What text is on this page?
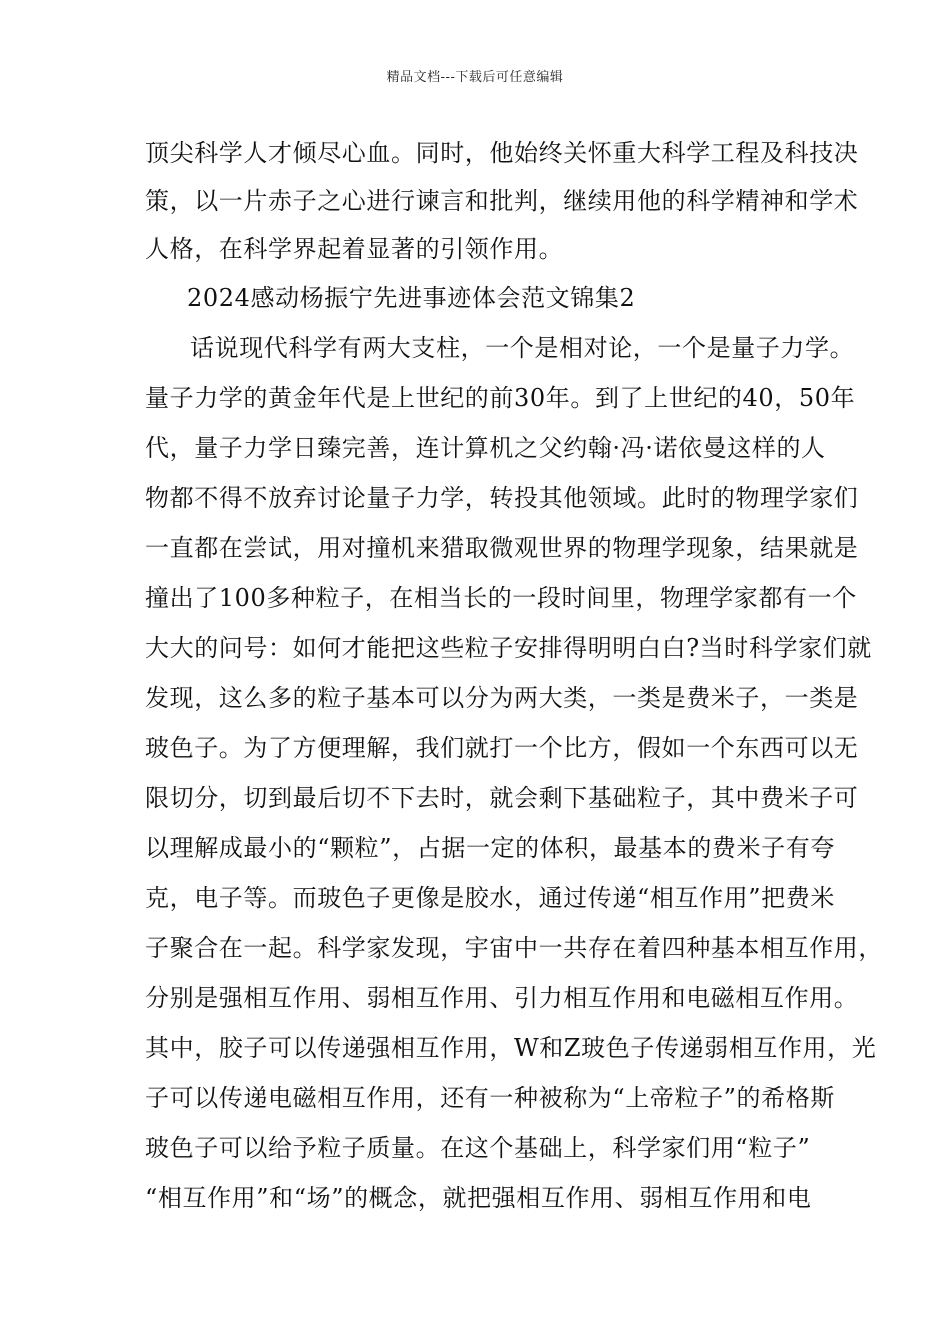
精品文档---下载后可任意编辑
顶尖科学人才倾尽心血。同时，他始终关怀重大科学工程及科技决
策，以一片赤子之心进行谏言和批判，继续用他的科学精神和学术
人格，在科学界起着显著的引领作用。
2024感动杨振宁先进事迹体会范文锦集2
话说现代科学有两大支柱，一个是相对论，一个是量子力学。
量子力学的黄金年代是上世纪的前30年。到了上世纪的40，50年
代，量子力学日臻完善，连计算机之父约翰·冯·诺依曼这样的人
物都不得不放弃讨论量子力学，转投其他领域。此时的物理学家们
一直都在尝试，用对撞机来猎取微观世界的物理学现象，结果就是
撞出了100多种粒子，在相当长的一段时间里，物理学家都有一个
大大的问号：如何才能把这些粒子安排得明明白白?当时科学家们就
发现，这么多的粒子基本可以分为两大类，一类是费米子，一类是
玻色子。为了方便理解，我们就打一个比方，假如一个东西可以无
限切分，切到最后切不下去时，就会剩下基础粒子，其中费米子可
以理解成最小的“颗粒”，占据一定的体积，最基本的费米子有夸
克，电子等。而玻色子更像是胶水，通过传递“相互作用”把费米
子聚合在一起。科学家发现，宇宙中一共存在着四种基本相互作用，
分别是强相互作用、弱相互作用、引力相互作用和电磁相互作用。
其中，胶子可以传递强相互作用，W和Z玻色子传递弱相互作用，光
子可以传递电磁相互作用，还有一种被称为“上帝粒子”的希格斯
玻色子可以给予粒子质量。在这个基础上，科学家们用“粒子”
“相互作用”和“场”的概念，就把强相互作用、弱相互作用和电
